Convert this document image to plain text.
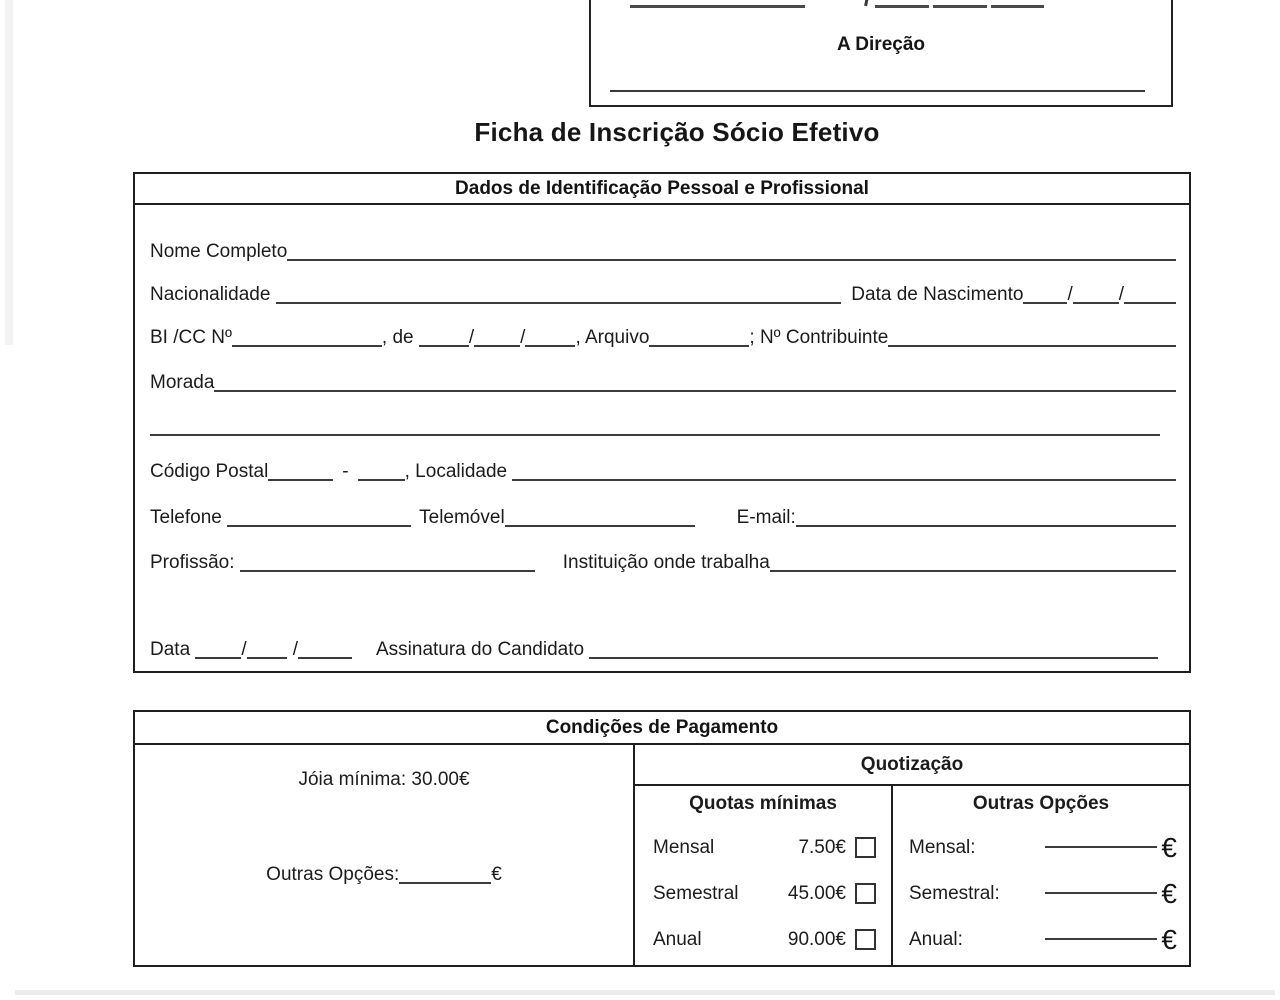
A Direção
Ficha de Inscrição Sócio Efetivo
Dados de Identificação Pessoal e Profissional
Nome Completo
Nacionalidade	Data de Nascimento / /
BI /CC Nº	, de	/ /	, Arquivo	; Nº Contribuinte
Morada
Código Postal	-	, Localidade
Telefone	Telemóvel	E-mail:
Profissão:	Instituição onde trabalha
Data /	/	Assinatura do Candidato
Condições de Pagamento
Jóia mínima: 30.00€
Outras Opções:	€
Quotização
Quotas mínimas
Mensal	7.50€
Semestral	45.00€
Anual	90.00€
Outras Opções
Mensal:	€
Semestral:	€
Anual:	€
